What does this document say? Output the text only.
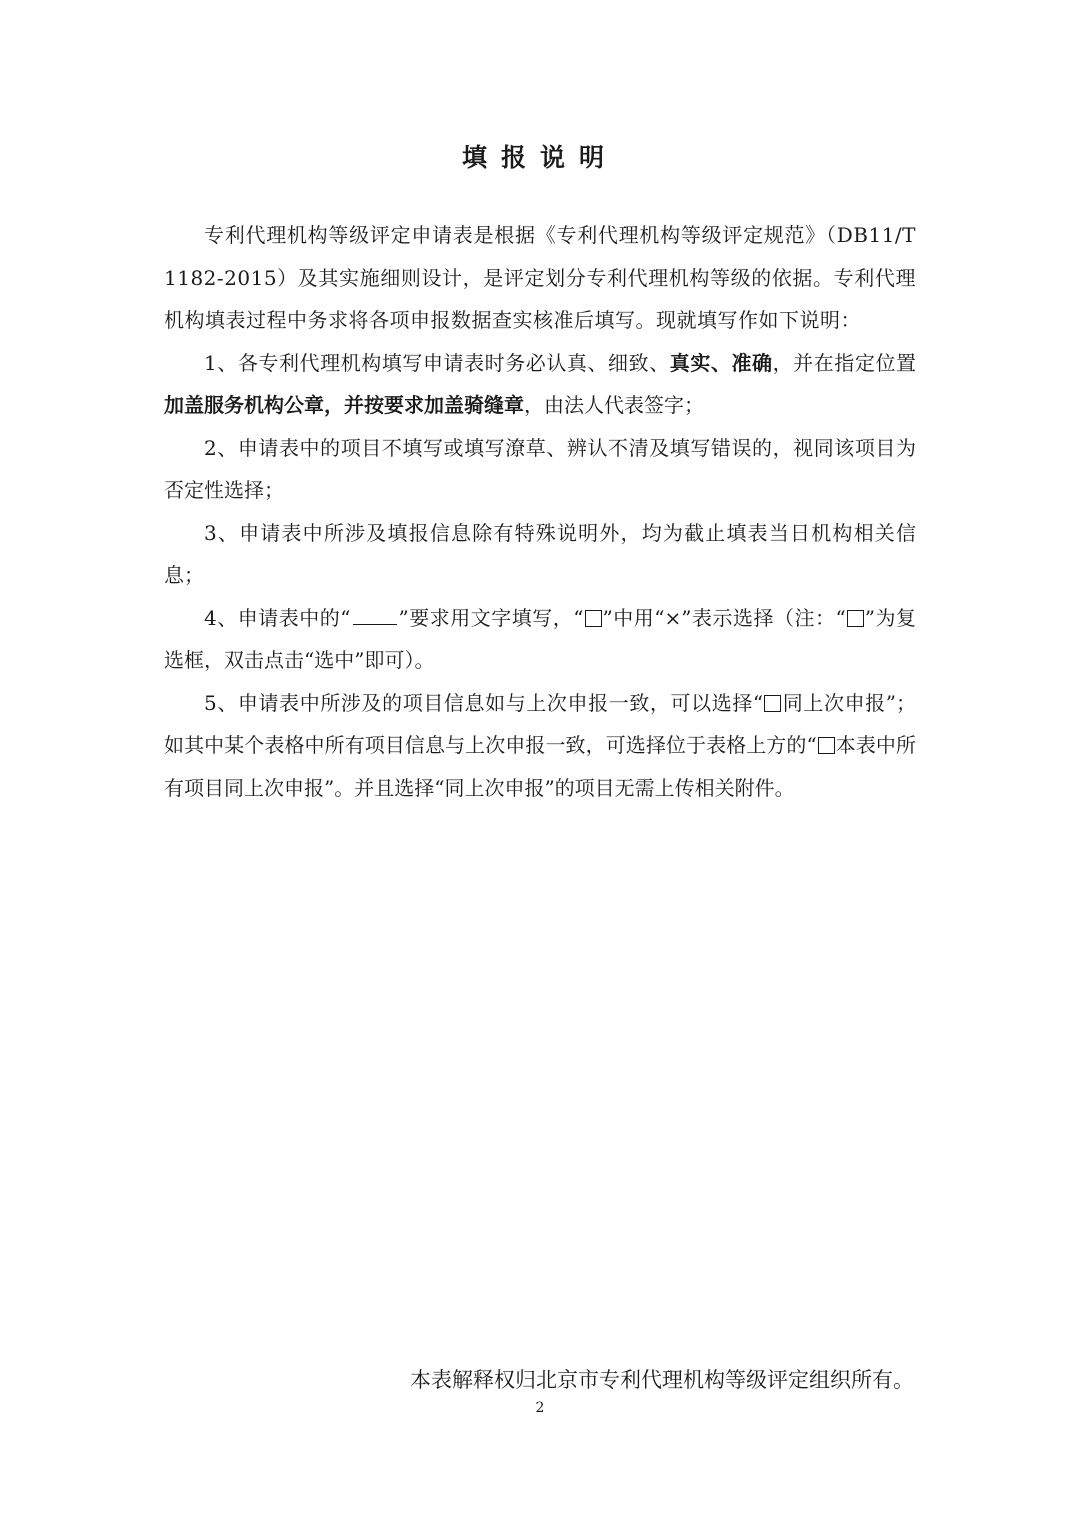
填报说明

专利代理机构等级评定申请表是根据《专利代理机构等级评定规范》（DB11/T 1182-2015）及其实施细则设计，是评定划分专利代理机构等级的依据。专利代理机构填表过程中务求将各项申报数据查实核准后填写。现就填写作如下说明：

1、各专利代理机构填写申请表时务必认真、细致、真实、准确，并在指定位置加盖服务机构公章，并按要求加盖骑缝章，由法人代表签字；

2、申请表中的项目不填写或填写潦草、辨认不清及填写错误的，视同该项目为否定性选择；

3、申请表中所涉及填报信息除有特殊说明外，均为截止填表当日机构相关信息；

4、申请表中的“ ”要求用文字填写，“ ”中用“×”表示选择（注：“ ”为复选框，双击点击“选中”即可）。

5、申请表中所涉及的项目信息如与上次申报一致，可以选择“ 同上次申报”；如其中某个表格中所有项目信息与上次申报一致，可选择位于表格上方的“ 本表中所有项目同上次申报”。并且选择“同上次申报”的项目无需上传相关附件。

本表解释权归北京市专利代理机构等级评定组织所有。
2
